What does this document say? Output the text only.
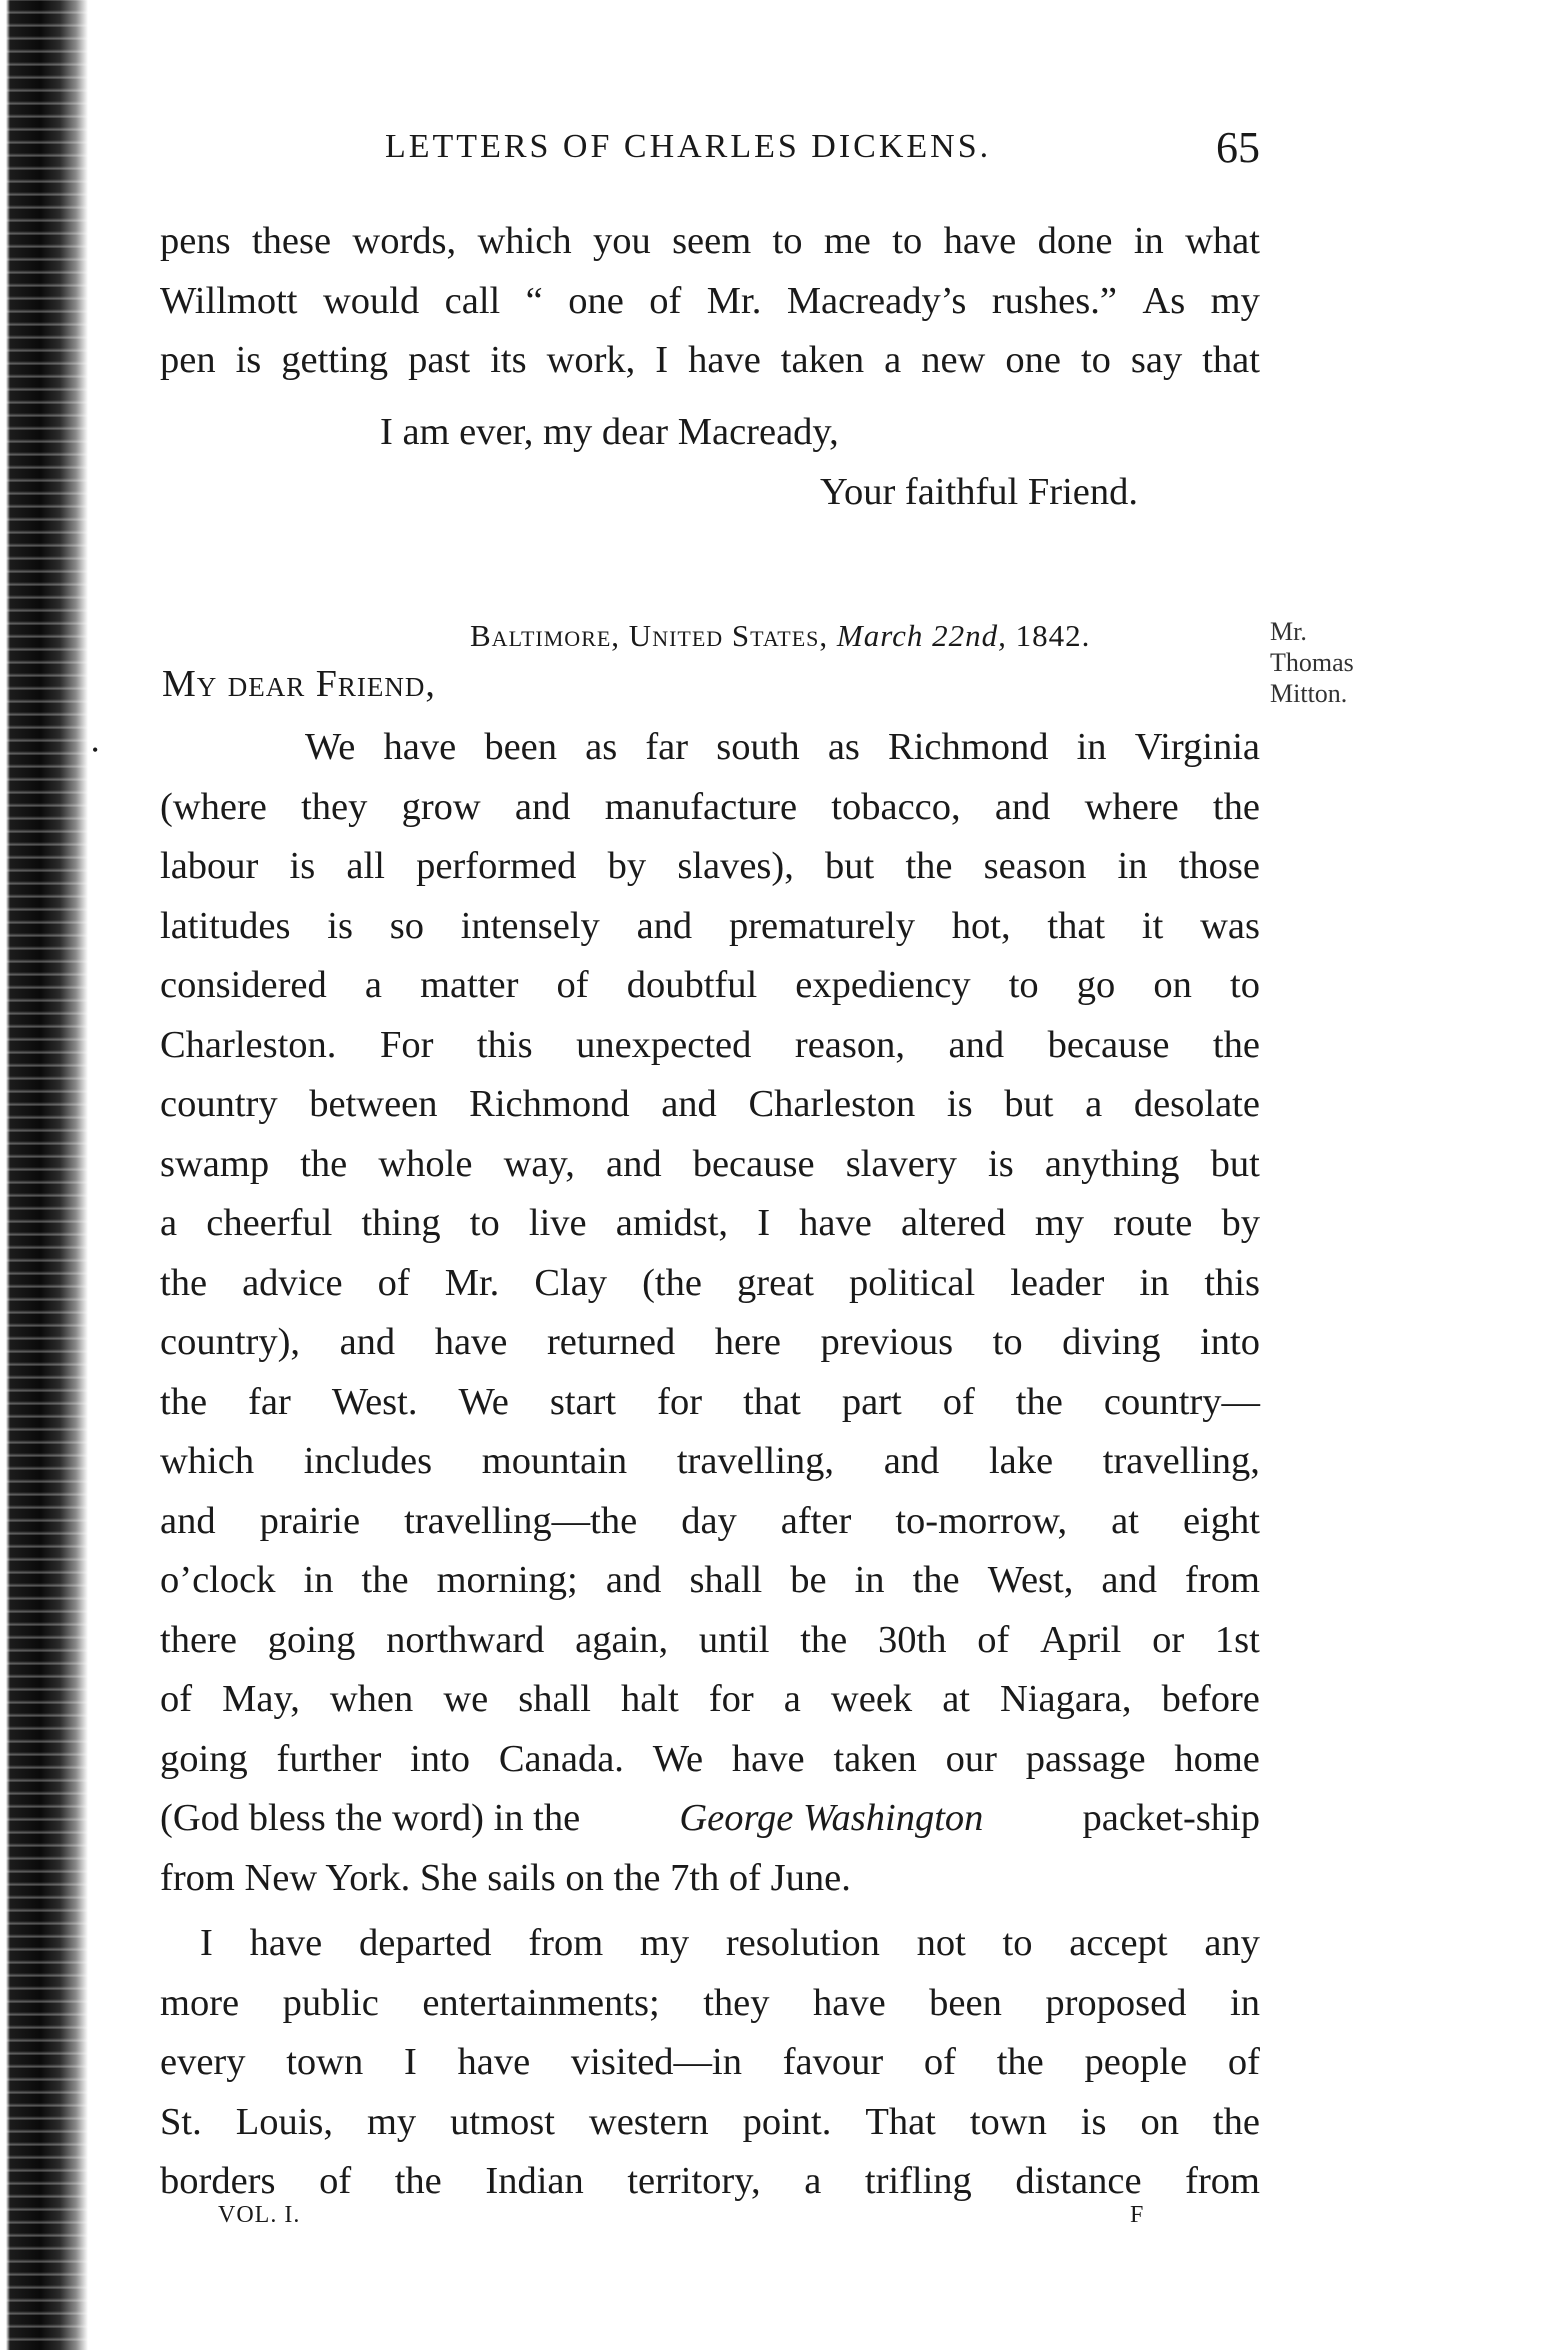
•
LETTERS OF CHARLES DICKENS.	65
pens these words, which you seem to me to have done in what
Willmott would call “ one of Mr. Macready’s rushes.” As my
pen is getting past its work, I have taken a new one to say that
I am ever, my dear Macready,
Your faithful Friend.
Baltimore, United States, March 22nd, 1842.	Mr.
Thomas
Mitton.
My dear Friend,
We have been as far south as Richmond in Virginia
(where they grow and manufacture tobacco, and where the
labour is all performed by slaves), but the season in those
latitudes is so intensely and prematurely hot, that it was
considered a matter of doubtful expediency to go on to
Charleston. For this unexpected reason, and because the
country between Richmond and Charleston is but a desolate
swamp the whole way, and because slavery is anything but
a cheerful thing to live amidst, I have altered my route by
the advice of Mr. Clay (the great political leader in this
country), and have returned here previous to diving into
the far West. We start for that part of the country—
which includes mountain travelling, and lake travelling,
and prairie travelling—the day after to-morrow, at eight
o’clock in the morning; and shall be in the West, and from
there going northward again, until the 30th of April or 1st
of May, when we shall halt for a week at Niagara, before
going further into Canada. We have taken our passage home
(God bless the word) in the	George Washington	packet-ship
from New York. She sails on the 7th of June.
I have departed from my resolution not to accept any
more public entertainments; they have been proposed in
every town I have visited—in favour of the people of
St. Louis, my utmost western point. That town is on the
borders of the Indian territory, a trifling distance from
VOL. I.	F
